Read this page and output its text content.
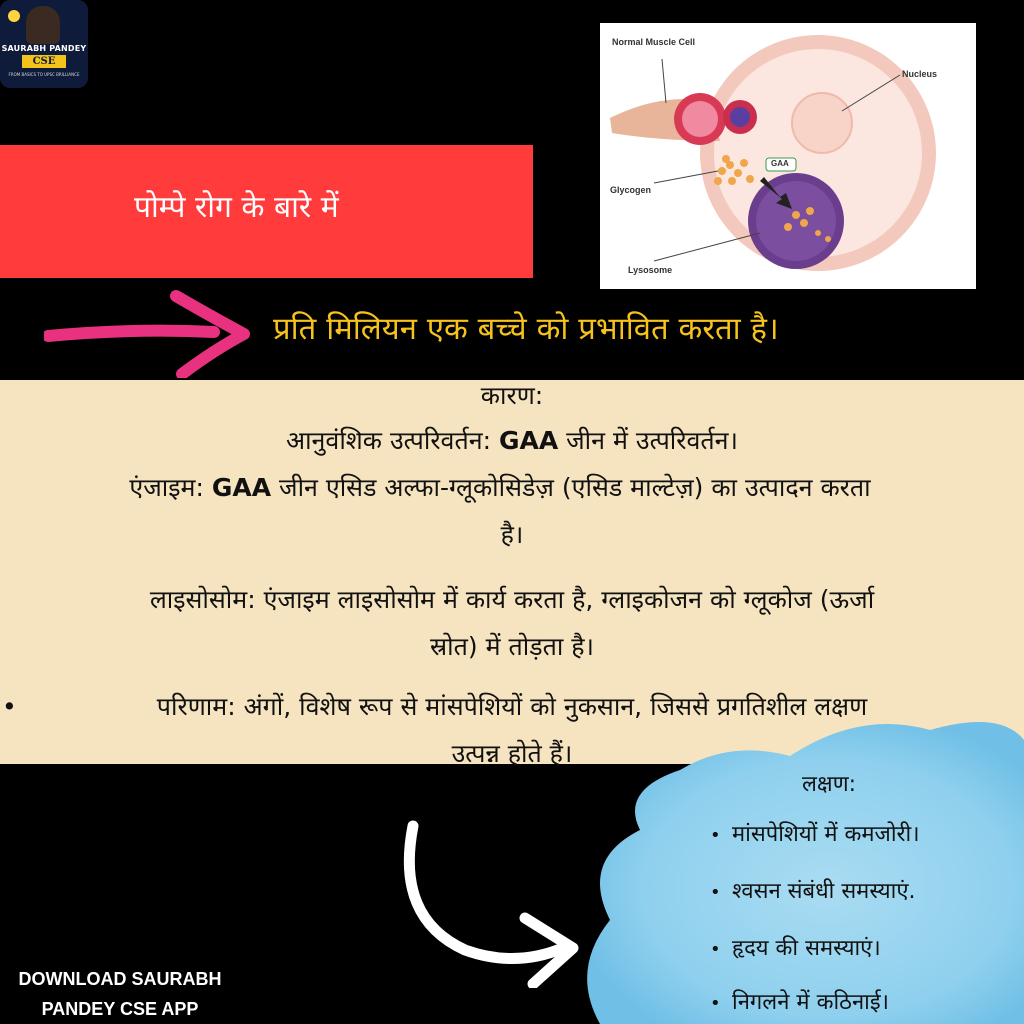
SAURABH PANDEY
CSE
FROM BASICS TO UPSC BRILLIANCE
पोम्पे रोग के बारे में
Normal Muscle Cell
Nucleus
GAA
Glycogen
Lysosome
प्रति मिलियन एक बच्चे को प्रभावित करता है।

कारण:

आनुवंशिक उत्परिवर्तन: GAA जीन में उत्परिवर्तन।

एंजाइम: GAA जीन एसिड अल्फा-ग्लूकोसिडेज़ (एसिड माल्टेज़) का उत्पादन करता

है।

लाइसोसोम: एंजाइम लाइसोसोम में कार्य करता है, ग्लाइकोजन को ग्लूकोज (ऊर्जा

स्रोत) में तोड़ता है।

•	परिणाम: अंगों, विशेष रूप से मांसपेशियों को नुकसान, जिससे प्रगतिशील लक्षण

उत्पन्न होते हैं।

लक्षण:
• मांसपेशियों में कमजोरी।
• श्वसन संबंधी समस्याएं.
• हृदय की समस्याएं।
• निगलने में कठिनाई।
DOWNLOAD SAURABH
PANDEY CSE APP
